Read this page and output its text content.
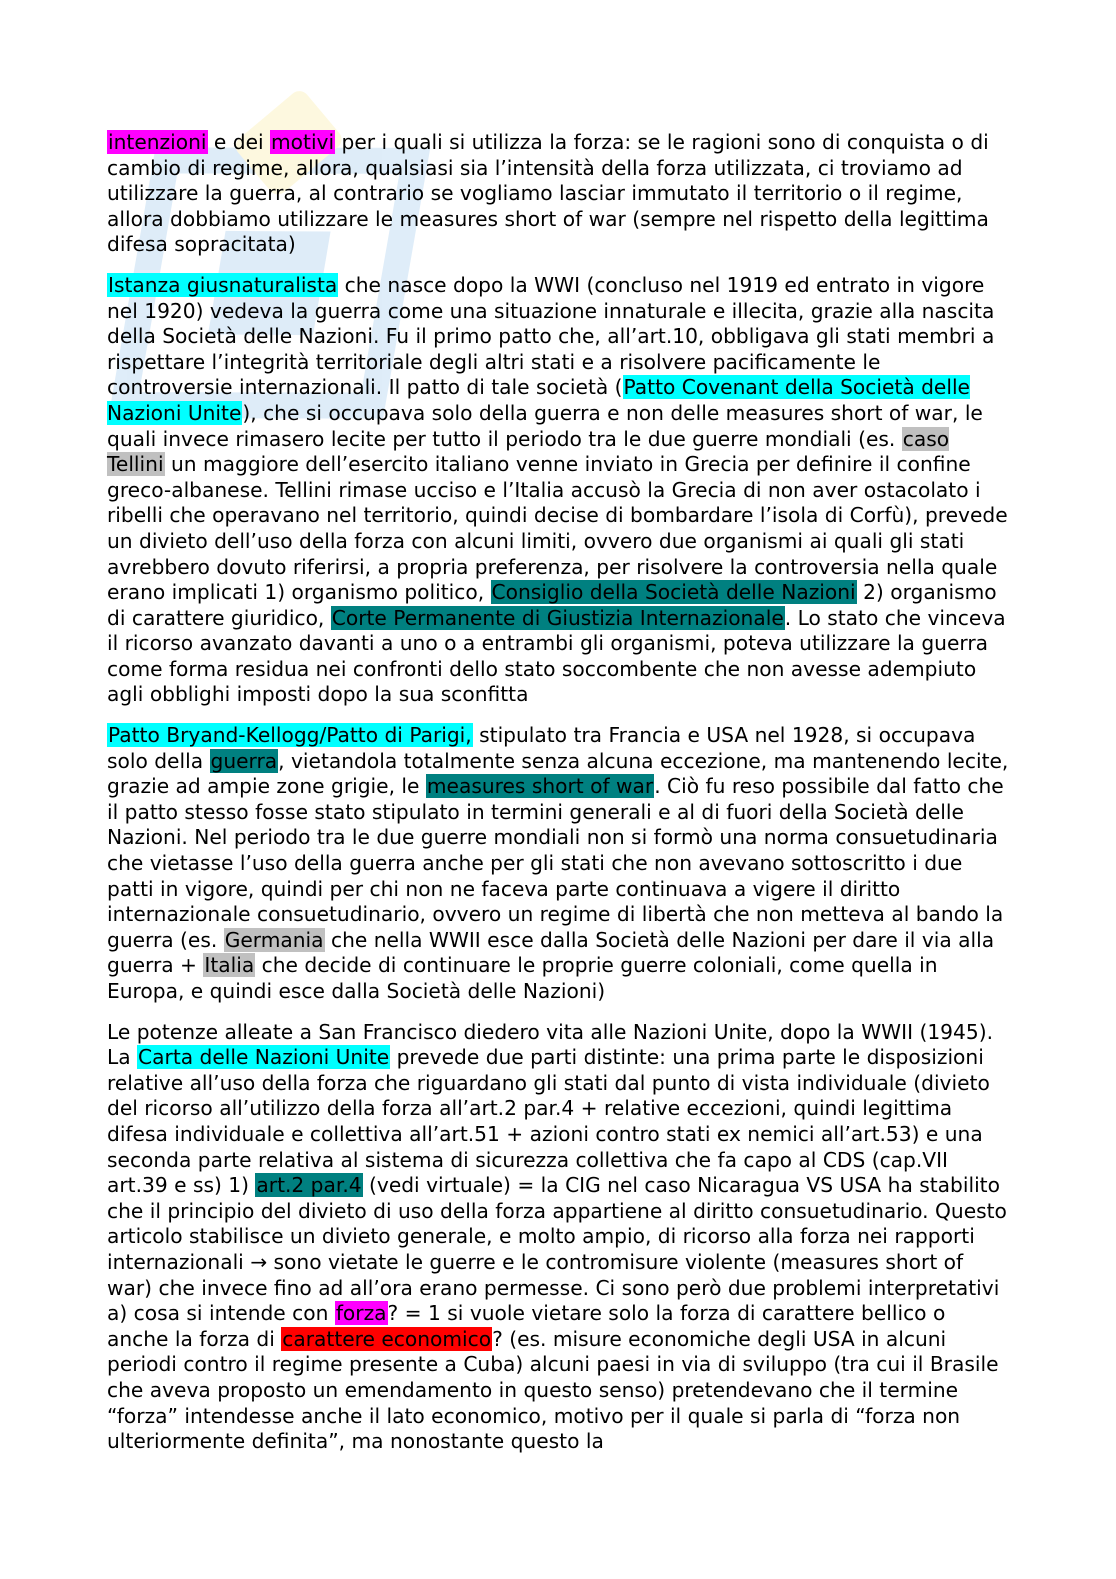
intenzioni e dei motivi per i quali si utilizza la forza: se le ragioni sono di conquista o di cambio di regime, allora, qualsiasi sia l’intensità della forza utilizzata, ci troviamo ad utilizzare la guerra, al contrario se vogliamo lasciar immutato il territorio o il regime, allora dobbiamo utilizzare le measures short of war (sempre nel rispetto della legittima difesa sopracitata)

Istanza giusnaturalista che nasce dopo la WWI (concluso nel 1919 ed entrato in vigore nel 1920) vedeva la guerra come una situazione innaturale e illecita, grazie alla nascita della Società delle Nazioni. Fu il primo patto che, all’art.10, obbligava gli stati membri a rispettare l’integrità territoriale degli altri stati e a risolvere pacificamente le controversie internazionali. Il patto di tale società (Patto Covenant della Società delle Nazioni Unite), che si occupava solo della guerra e non delle measures short of war, le quali invece rimasero lecite per tutto il periodo tra le due guerre mondiali (es. caso Tellini un maggiore dell’esercito italiano venne inviato in Grecia per definire il confine greco-albanese. Tellini rimase ucciso e l’Italia accusò la Grecia di non aver ostacolato i ribelli che operavano nel territorio, quindi decise di bombardare l’isola di Corfù), prevede un divieto dell’uso della forza con alcuni limiti, ovvero due organismi ai quali gli stati avrebbero dovuto riferirsi, a propria preferenza, per risolvere la controversia nella quale erano implicati 1) organismo politico, Consiglio della Società delle Nazioni 2) organismo di carattere giuridico, Corte Permanente di Giustizia Internazionale. Lo stato che vinceva il ricorso avanzato davanti a uno o a entrambi gli organismi, poteva utilizzare la guerra come forma residua nei confronti dello stato soccombente che non avesse adempiuto agli obblighi imposti dopo la sua sconfitta

Patto Bryand-Kellogg/Patto di Parigi, stipulato tra Francia e USA nel 1928, si occupava solo della guerra, vietandola totalmente senza alcuna eccezione, ma mantenendo lecite, grazie ad ampie zone grigie, le measures short of war. Ciò fu reso possibile dal fatto che il patto stesso fosse stato stipulato in termini generali e al di fuori della Società delle Nazioni. Nel periodo tra le due guerre mondiali non si formò una norma consuetudinaria che vietasse l’uso della guerra anche per gli stati che non avevano sottoscritto i due patti in vigore, quindi per chi non ne faceva parte continuava a vigere il diritto internazionale consuetudinario, ovvero un regime di libertà che non metteva al bando la guerra (es. Germania che nella WWII esce dalla Società delle Nazioni per dare il via alla guerra + Italia che decide di continuare le proprie guerre coloniali, come quella in Europa, e quindi esce dalla Società delle Nazioni)

Le potenze alleate a San Francisco diedero vita alle Nazioni Unite, dopo la WWII (1945). La Carta delle Nazioni Unite prevede due parti distinte: una prima parte le disposizioni relative all’uso della forza che riguardano gli stati dal punto di vista individuale (divieto del ricorso all’utilizzo della forza all’art.2 par.4 + relative eccezioni, quindi legittima difesa individuale e collettiva all’art.51 + azioni contro stati ex nemici all’art.53) e una seconda parte relativa al sistema di sicurezza collettiva che fa capo al CDS (cap.VII art.39 e ss) 1) art.2 par.4 (vedi virtuale) = la CIG nel caso Nicaragua VS USA ha stabilito che il principio del divieto di uso della forza appartiene al diritto consuetudinario. Questo articolo stabilisce un divieto generale, e molto ampio, di ricorso alla forza nei rapporti internazionali → sono vietate le guerre e le contromisure violente (measures short of war) che invece fino ad all’ora erano permesse. Ci sono però due problemi interpretativi a) cosa si intende con forza? = 1 si vuole vietare solo la forza di carattere bellico o anche la forza di carattere economico? (es. misure economiche degli USA in alcuni periodi contro il regime presente a Cuba) alcuni paesi in via di sviluppo (tra cui il Brasile che aveva proposto un emendamento in questo senso) pretendevano che il termine “forza” intendesse anche il lato economico, motivo per il quale si parla di “forza non ulteriormente definita”, ma nonostante questo la
